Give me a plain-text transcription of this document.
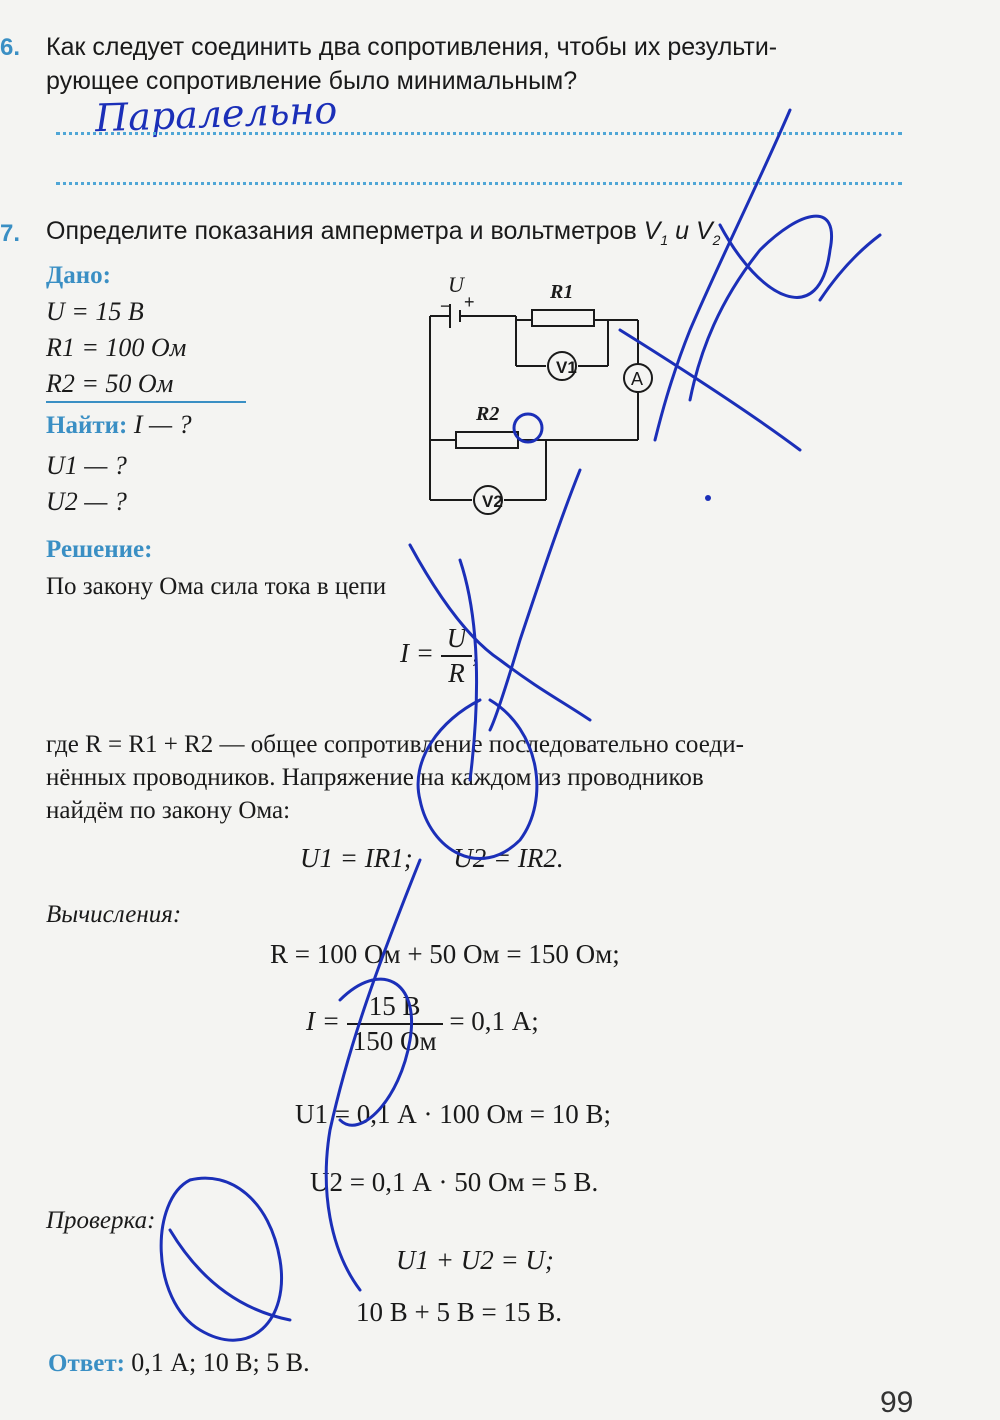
6. Как следует соединить два сопротивления, чтобы их результи-
рующее сопротивление было минимальным?
Паралельно
7. Определите показания амперметра и вольтметров $V_1$ и $V_2$
Дано:
U = 15 В
R1 = 100 Ом
R2 = 50 Ом
Найти: I — ?
U1 — ?
U2 — ?
V1
A
V2
U
− +	R1
R2
Решение:
По закону Ома сила тока в цепи
$I = \frac{U}{R}$ ,
где R = R1 + R2 — общее сопротивление последовательно соеди-
нённых проводников. Напряжение на каждом из проводников
найдём по закону Ома:
U1 = IR1;      U2 = IR2.
Вычисления:
R = 100 Ом + 50 Ом = 150 Ом;
$I = \frac{15 В}{150 Ом} = 0,1$ А;
U1 = 0,1 А · 100 Ом = 10 В;
U2 = 0,1 А · 50 Ом = 5 В.
Проверка:
U1 + U2 = U;
10 В + 5 В = 15 В.
Ответ: 0,1 А; 10 В; 5 В.
99
